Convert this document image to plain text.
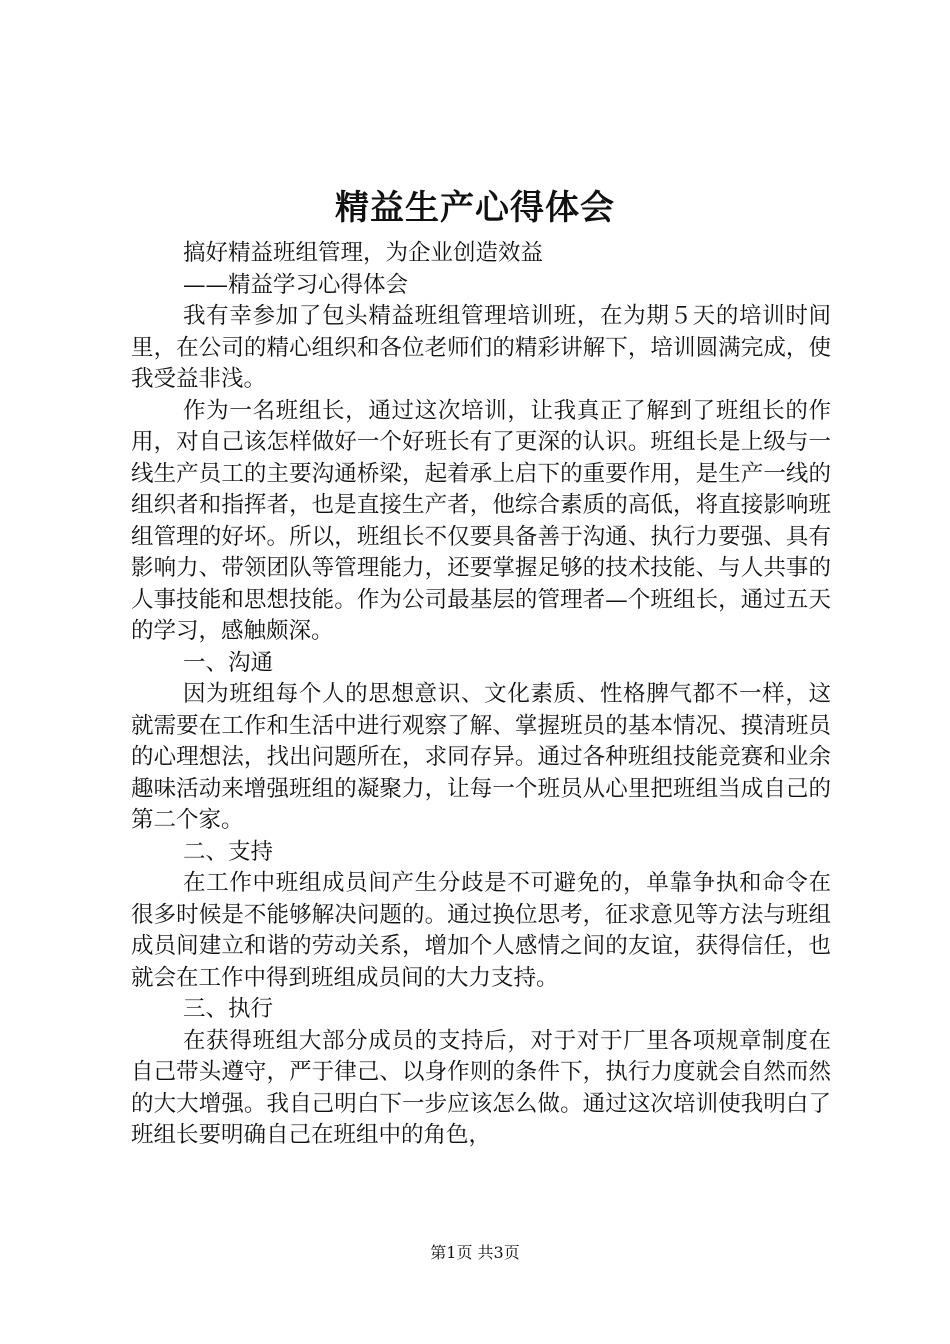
精益生产心得体会

搞好精益班组管理，为企业创造效益

——精益学习心得体会

我有幸参加了包头精益班组管理培训班，在为期５天的培训时间里，在公司的精心组织和各位老师们的精彩讲解下，培训圆满完成，使我受益非浅。

作为一名班组长，通过这次培训，让我真正了解到了班组长的作用，对自己该怎样做好一个好班长有了更深的认识。班组长是上级与一线生产员工的主要沟通桥梁，起着承上启下的重要作用，是生产一线的组织者和指挥者，也是直接生产者，他综合素质的高低，将直接影响班组管理的好坏。所以，班组长不仅要具备善于沟通、执行力要强、具有影响力、带领团队等管理能力，还要掌握足够的技术技能、与人共事的人事技能和思想技能。作为公司最基层的管理者—个班组长，通过五天的学习，感触颇深。

一、沟通

因为班组每个人的思想意识、文化素质、性格脾气都不一样，这就需要在工作和生活中进行观察了解、掌握班员的基本情况、摸清班员的心理想法，找出问题所在，求同存异。通过各种班组技能竞赛和业余趣味活动来增强班组的凝聚力，让每一个班员从心里把班组当成自己的第二个家。

二、支持

在工作中班组成员间产生分歧是不可避免的，单靠争执和命令在很多时候是不能够解决问题的。通过换位思考，征求意见等方法与班组成员间建立和谐的劳动关系，增加个人感情之间的友谊，获得信任，也就会在工作中得到班组成员间的大力支持。

三、执行

在获得班组大部分成员的支持后，对于对于厂里各项规章制度在自己带头遵守，严于律己、以身作则的条件下，执行力度就会自然而然的大大增强。我自己明白下一步应该怎么做。通过这次培训使我明白了班组长要明确自己在班组中的角色，

第1页 共3页
